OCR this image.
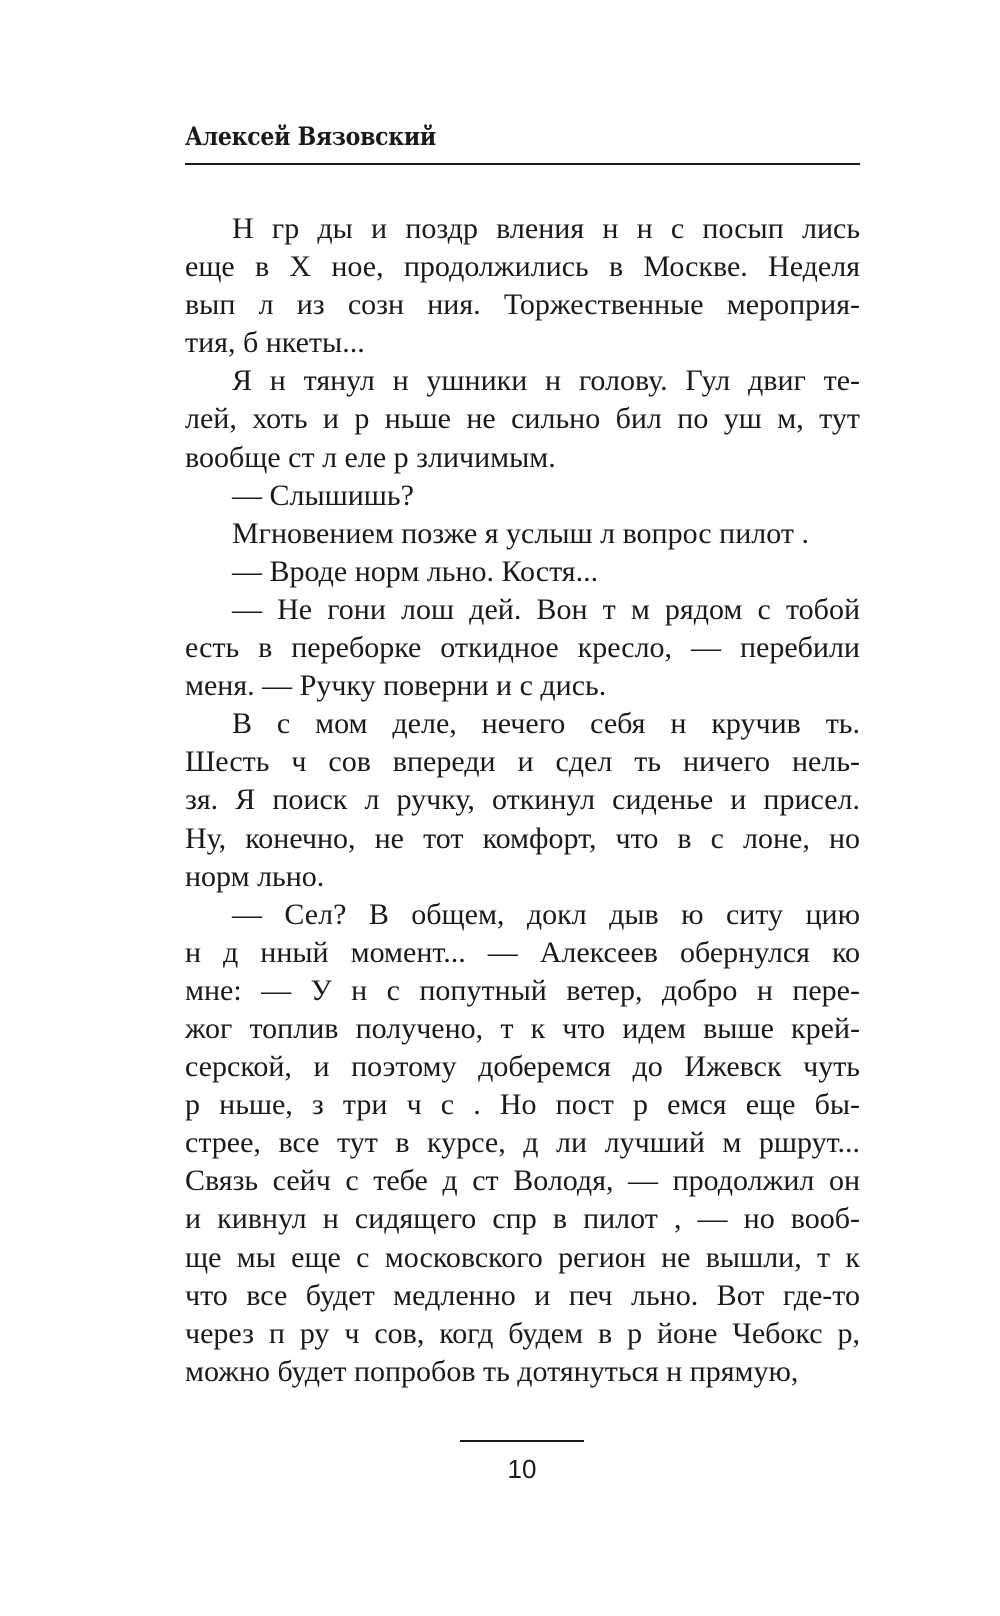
Алексей Вязовский
Н гр ды и поздр вления н н с посып лись
еще в Х ное, продолжились в Москве. Неделя
вып л из созн ния. Торжественные мероприя-
тия, б нкеты...
Я н тянул н ушники н голову. Гул двиг те-
лей, хоть и р ньше не сильно бил по уш м, тут
вообще ст л еле р зличимым.
— Слышишь?
Мгновением позже я услыш л вопрос пилот .
— Вроде норм льно. Костя...
— Не гони лош дей. Вон т м рядом с тобой
есть в переборке откидное кресло, — перебили
меня. — Ручку поверни и с дись.
В с мом деле, нечего себя н кручив ть.
Шесть ч сов впереди и сдел ть ничего нель-
зя. Я поиск л ручку, откинул сиденье и присел.
Ну, конечно, не тот комфорт, что в с лоне, но
норм льно.
— Сел? В общем, докл дыв ю ситу цию
н д нный момент... — Алексеев обернулся ко
мне: — У н с попутный ветер, добро н пере-
жог топлив получено, т к что идем выше крей-
серской, и поэтому доберемся до Ижевск чуть
р ньше, з три ч с . Но пост р емся еще бы-
стрее, все тут в курсе, д ли лучший м ршрут...
Связь сейч с тебе д ст Володя, — продолжил он
и кивнул н сидящего спр в пилот , — но вооб-
ще мы еще с московского регион не вышли, т к
что все будет медленно и печ льно. Вот где-то
через п ру ч сов, когд будем в р йоне Чебокс р,
можно будет попробов ть дотянуться н прямую,
10
